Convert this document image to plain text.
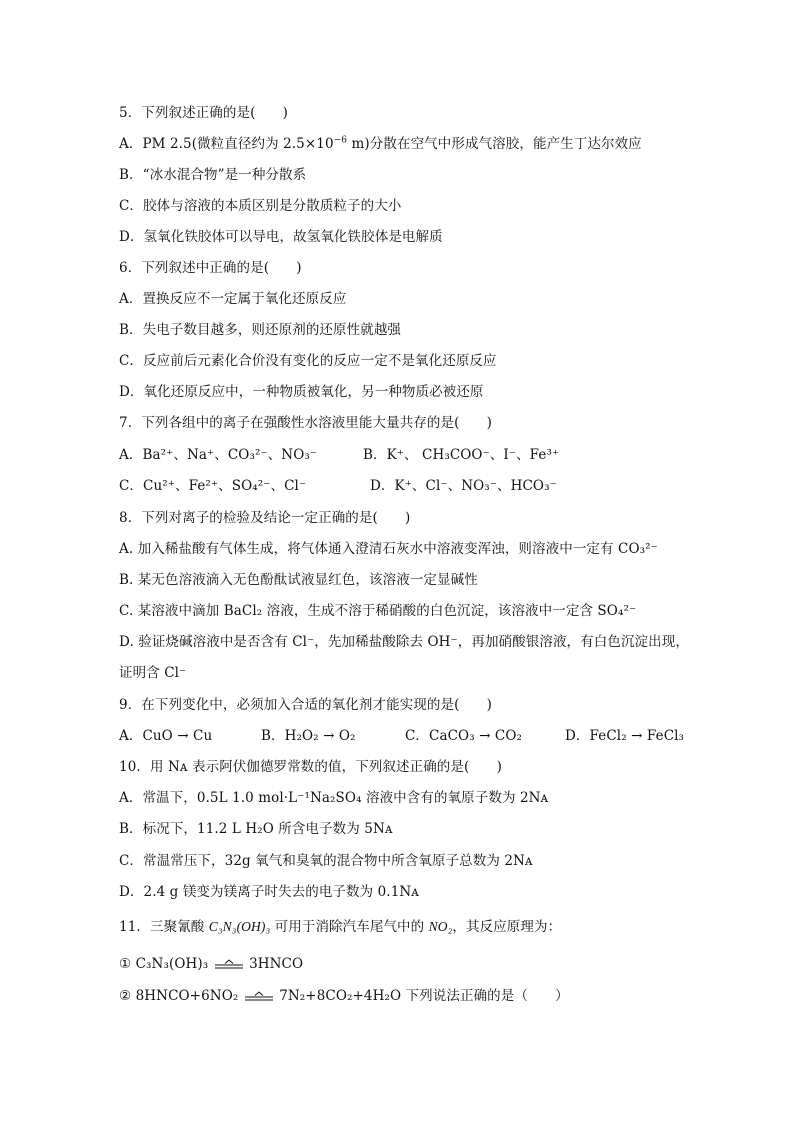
5．下列叙述正确的是(　　)
A．PM 2.5(微粒直径约为 $2.5\times 10^{-6}$ m)分散在空气中形成气溶胶，能产生丁达尔效应
B．“冰水混合物”是一种分散系
C．胶体与溶液的本质区别是分散质粒子的大小
D．氢氧化铁胶体可以导电，故氢氧化铁胶体是电解质
6．下列叙述中正确的是(　　)
A．置换反应不一定属于氧化还原反应
B．失电子数目越多，则还原剂的还原性就越强
C．反应前后元素化合价没有变化的反应一定不是氧化还原反应
D．氧化还原反应中，一种物质被氧化，另一种物质必被还原
7．下列各组中的离子在强酸性水溶液里能大量共存的是(　　)
A．Ba²⁺、Na⁺、CO₃²⁻、NO₃⁻	B．K⁺、 CH₃COO⁻、I⁻、Fe³⁺
C．Cu²⁺、Fe²⁺、SO₄²⁻、Cl⁻	D．K⁺、Cl⁻、NO₃⁻、HCO₃⁻
8．下列对离子的检验及结论一定正确的是(　　)
A. 加入稀盐酸有气体生成，将气体通入澄清石灰水中溶液变浑浊，则溶液中一定有 CO₃²⁻
B. 某无色溶液滴入无色酚酞试液显红色，该溶液一定显碱性
C. 某溶液中滴加 BaCl₂ 溶液，生成不溶于稀硝酸的白色沉淀，该溶液中一定含 SO₄²⁻
D. 验证烧碱溶液中是否含有 Cl⁻，先加稀盐酸除去 OH⁻，再加硝酸银溶液，有白色沉淀出现，
证明含 Cl⁻
9．在下列变化中，必须加入合适的氧化剂才能实现的是(　　)
A．CuO → Cu	B．H₂O₂ → O₂	C．CaCO₃ → CO₂	D．FeCl₂ → FeCl₃
10．用 Nᴀ 表示阿伏伽德罗常数的值，下列叙述正确的是(　　)
A．常温下，0.5L 1.0 mol·L⁻¹Na₂SO₄ 溶液中含有的氧原子数为 2Nᴀ
B．标况下，11.2 L H₂O 所含电子数为 5Nᴀ
C．常温常压下，32g 氧气和臭氧的混合物中所含氧原子总数为 2Nᴀ
D．2.4 g 镁变为镁离子时失去的电子数为 0.1Nᴀ
11．三聚氰酸 C₃N₃(OH)₃ 可用于消除汽车尾气中的 NO₂，其反应原理为：
① C₃N₃(OH)₃	3HNCO
② 8HNCO+6NO₂	7N₂+8CO₂+4H₂O 下列说法正确的是（　　）
